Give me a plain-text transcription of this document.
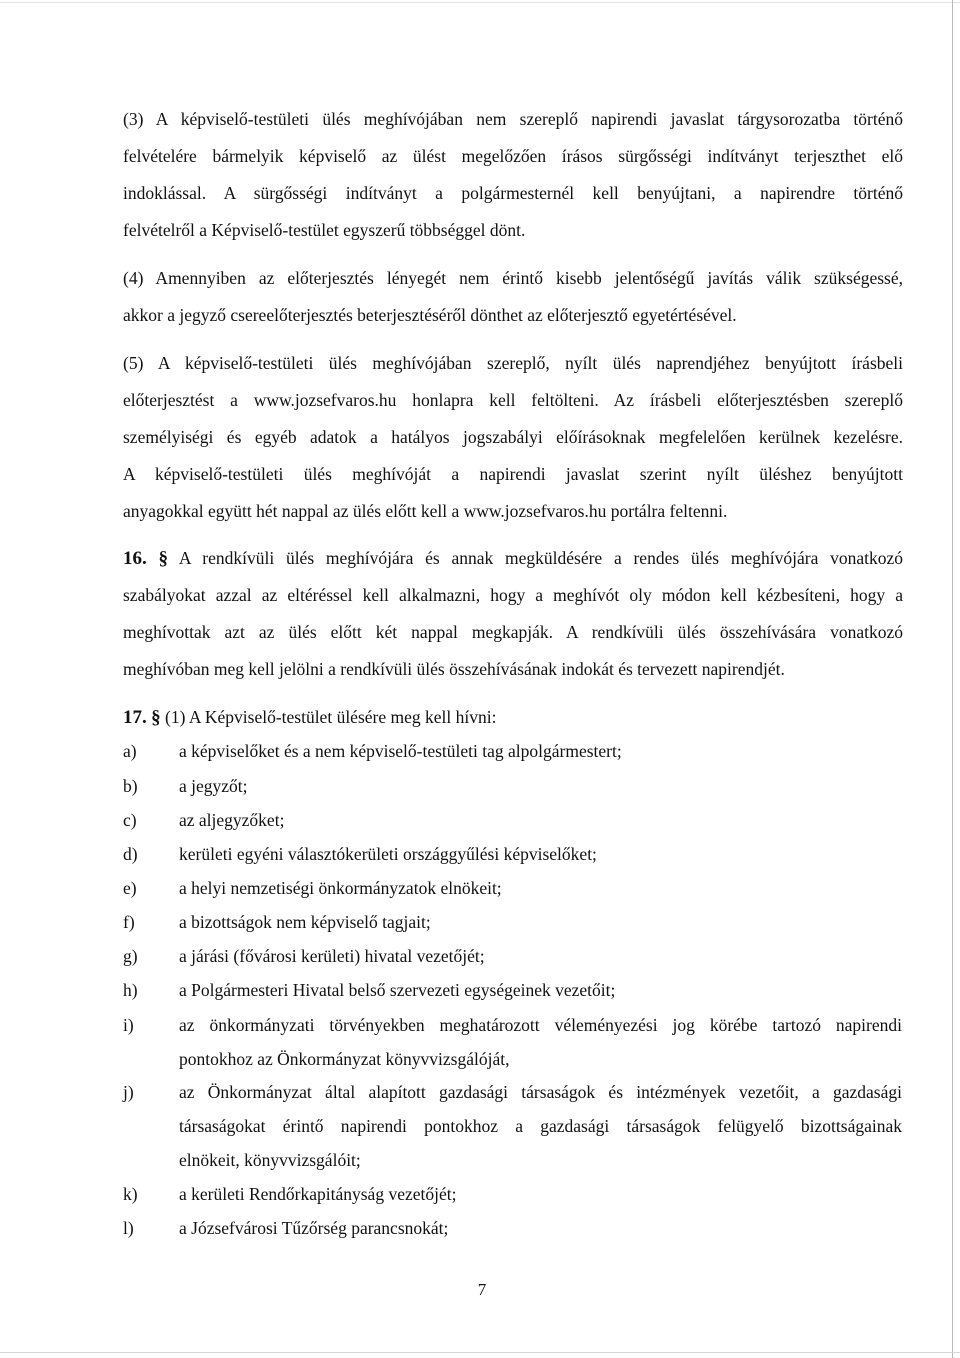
(3) A képviselő-testületi ülés meghívójában nem szereplő napirendi javaslat tárgysorozatba történő
felvételére bármelyik képviselő az ülést megelőzően írásos sürgősségi indítványt terjeszthet elő
indoklással. A sürgősségi indítványt a polgármesternél kell benyújtani, a napirendre történő
felvételről a Képviselő-testület egyszerű többséggel dönt.
(4) Amennyiben az előterjesztés lényegét nem érintő kisebb jelentőségű javítás válik szükségessé,
akkor a jegyző csereelőterjesztés beterjesztéséről dönthet az előterjesztő egyetértésével.
(5) A képviselő-testületi ülés meghívójában szereplő, nyílt ülés naprendjéhez benyújtott írásbeli
előterjesztést a www.jozsefvaros.hu honlapra kell feltölteni. Az írásbeli előterjesztésben szereplő
személyiségi és egyéb adatok a hatályos jogszabályi előírásoknak megfelelően kerülnek kezelésre.
A képviselő-testületi ülés meghívóját a napirendi javaslat szerint nyílt üléshez benyújtott
anyagokkal együtt hét nappal az ülés előtt kell a www.jozsefvaros.hu portálra feltenni.
16. § A rendkívüli ülés meghívójára és annak megküldésére a rendes ülés meghívójára vonatkozó
szabályokat azzal az eltéréssel kell alkalmazni, hogy a meghívót oly módon kell kézbesíteni, hogy a
meghívottak azt az ülés előtt két nappal megkapják. A rendkívüli ülés összehívására vonatkozó
meghívóban meg kell jelölni a rendkívüli ülés összehívásának indokát és tervezett napirendjét.
17. § (1) A Képviselő-testület ülésére meg kell hívni:
a) a képviselőket és a nem képviselő-testületi tag alpolgármestert;
b) a jegyzőt;
c) az aljegyzőket;
d) kerületi egyéni választókerületi országgyűlési képviselőket;
e) a helyi nemzetiségi önkormányzatok elnökeit;
f)	a bizottságok nem képviselő tagjait;
g) a járási (fővárosi kerületi) hivatal vezetőjét;
h) a Polgármesteri Hivatal belső szervezeti egységeinek vezetőit;
i)	az önkormányzati törvényekben meghatározott véleményezési jog körébe tartozó napirendi
pontokhoz az Önkormányzat könyvvizsgálóját,
j)	az Önkormányzat által alapított gazdasági társaságok és intézmények vezetőit, a gazdasági
társaságokat érintő napirendi pontokhoz a gazdasági társaságok felügyelő bizottságainak
elnökeit, könyvvizsgálóit;
k) a kerületi Rendőrkapitányság vezetőjét;
l)	a Józsefvárosi Tűzőrség parancsnokát;
7
